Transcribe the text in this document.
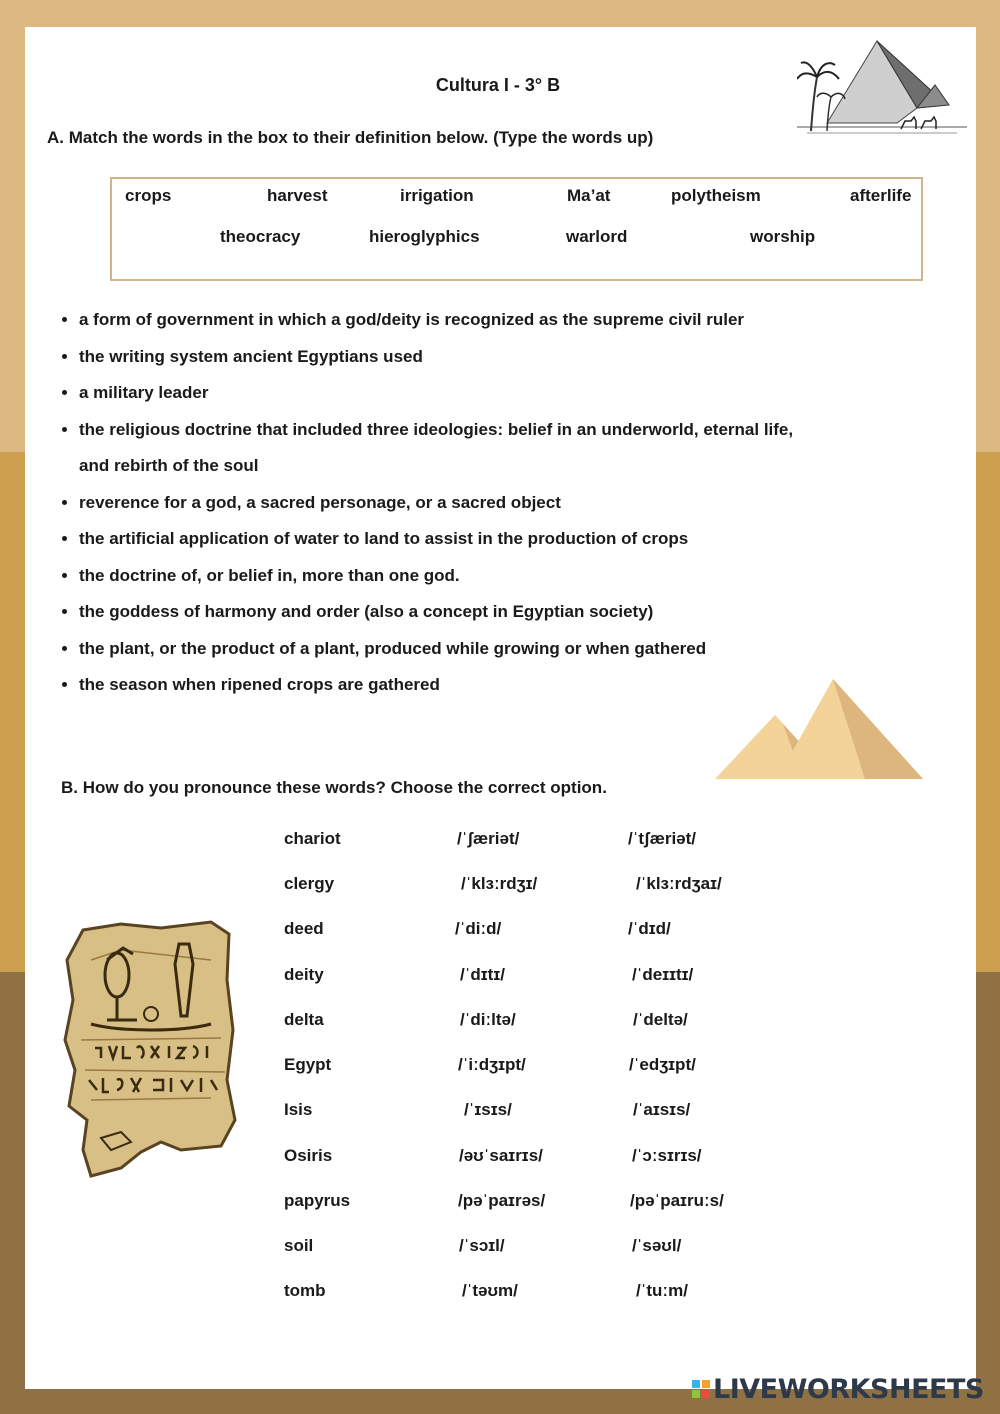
Cultura I - 3° B
A. Match the words in the box to their definition below. (Type the words up)
crops	harvest	irrigation	Ma’at	polytheism	afterlife
theocracy	hieroglyphics	warlord	worship
• a form of government in which a god/deity is recognized as the supreme civil ruler
• the writing system ancient Egyptians used
• a military leader
• the religious doctrine that included three ideologies: belief in an underworld, eternal life,
and rebirth of the soul
• reverence for a god, a sacred personage, or a sacred object
• the artificial application of water to land to assist in the production of crops
• the doctrine of, or belief in, more than one god.
• the goddess of harmony and order (also a concept in Egyptian society)
• the plant, or the product of a plant, produced while growing or when gathered
• the season when ripened crops are gathered
B. How do you pronounce these words? Choose the correct option.
chariot	/ˈʃæriət/	/ˈtʃæriət/
clergy	/ˈklɜːrdʒɪ/	/ˈklɜːrdʒaɪ/
deed	/ˈdiːd/	/ˈdɪd/
deity	/ˈdɪtɪ/	/ˈdeɪɪtɪ/
delta	/ˈdiːltə/	/ˈdeltə/
Egypt	/ˈiːdʒɪpt/	/ˈedʒɪpt/
Isis	/ˈɪsɪs/	/ˈaɪsɪs/
Osiris	/əʊˈsaɪrɪs/	/ˈɔːsɪrɪs/
papyrus	/pəˈpaɪrəs/	/pəˈpaɪruːs/
soil	/ˈsɔɪl/	/ˈsəʊl/
tomb	/ˈtəʊm/	/ˈtuːm/
LIVEWORKSHEETS
